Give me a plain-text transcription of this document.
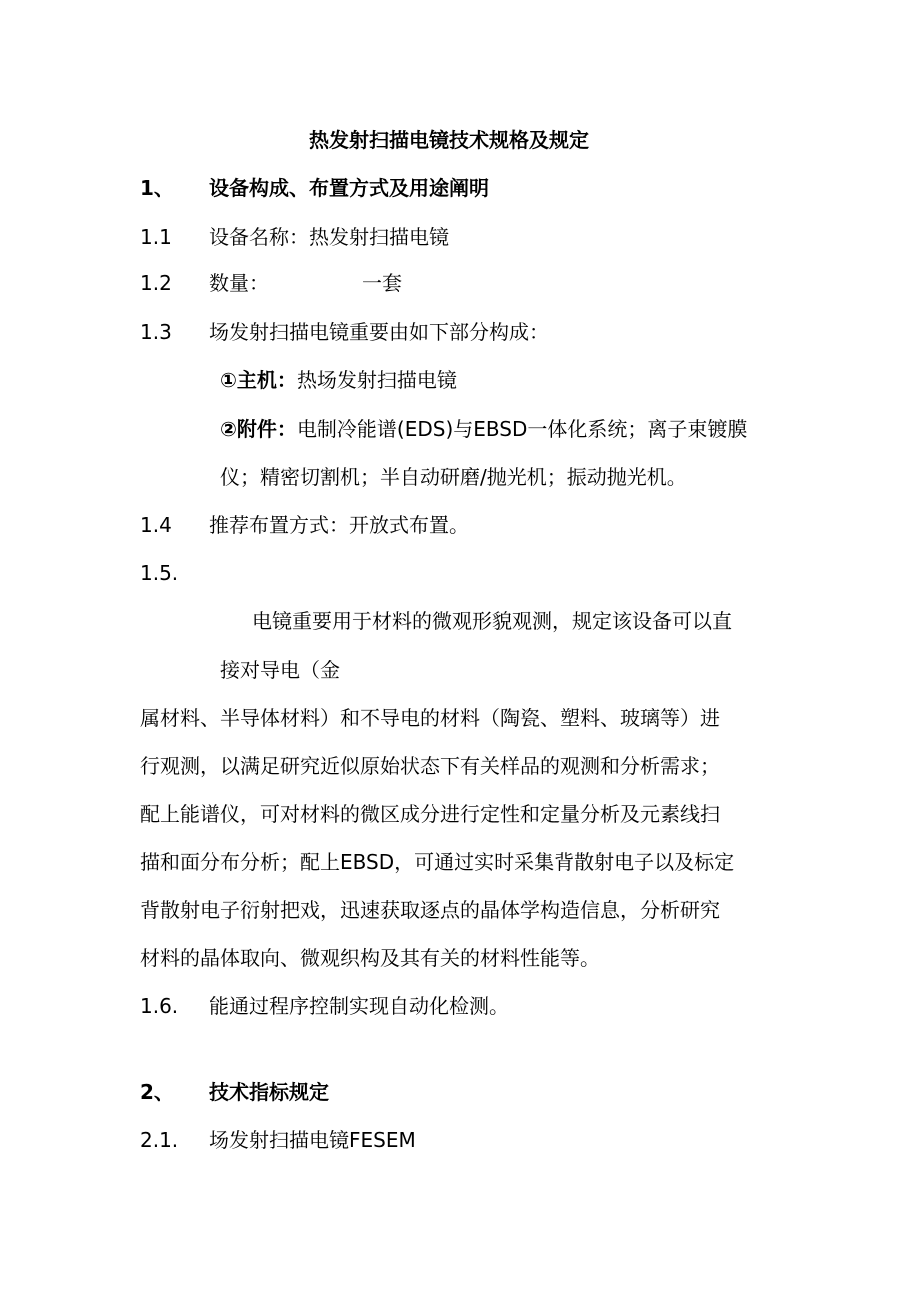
热发射扫描电镜技术规格及规定
1、 设备构成、布置方式及用途阐明
1.1 设备名称：热发射扫描电镜
1.2 数量：	一套
1.3 场发射扫描电镜重要由如下部分构成：
①主机：热场发射扫描电镜
②附件：电制冷能谱(EDS)与EBSD一体化系统；离子束镀膜
仪；精密切割机；半自动研磨/抛光机；振动抛光机。
1.4 推荐布置方式：开放式布置。
1.5.
电镜重要用于材料的微观形貌观测，规定该设备可以直
接对导电（金
属材料、半导体材料）和不导电的材料（陶瓷、塑料、玻璃等）进
行观测，以满足研究近似原始状态下有关样品的观测和分析需求；
配上能谱仪，可对材料的微区成分进行定性和定量分析及元素线扫
描和面分布分析；配上EBSD，可通过实时采集背散射电子以及标定
背散射电子衍射把戏，迅速获取逐点的晶体学构造信息，分析研究
材料的晶体取向、微观织构及其有关的材料性能等。
1.6. 能通过程序控制实现自动化检测。
2、 技术指标规定
2.1. 场发射扫描电镜FESEM
